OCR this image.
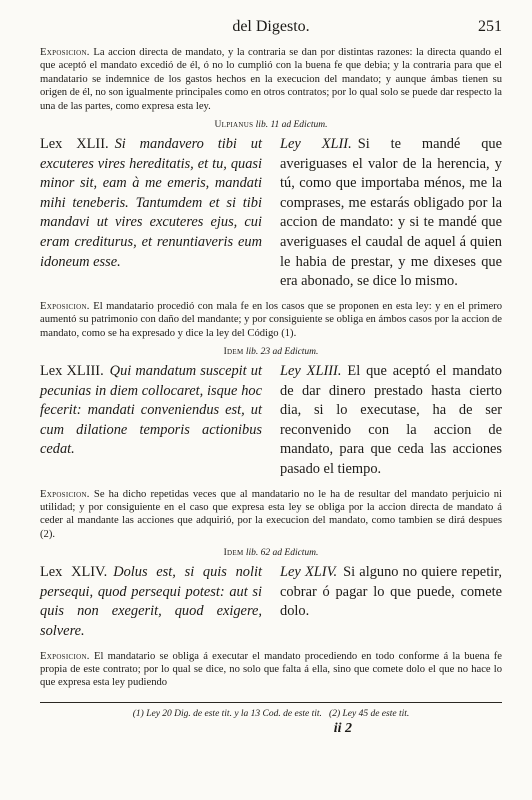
del Digesto.	251

Exposicion. La accion directa de mandato, y la contraria se dan por distintas razones: la directa quando el que aceptó el mandato excedió de él, ó no lo cumplió con la buena fe que debia; y la contraria para que el mandatario se indemnice de los gastos hechos en la execucion del mandato; y aunque ámbas tienen su origen de él, no son igualmente principales como en otros contratos; por lo qual solo se puede dar respecto la una de las partes, como expresa esta ley.

Ulpianus lib. 11 ad Edictum.
Lex XLII. Si mandavero tibi ut excuteres vires hereditatis, et tu, quasi minor sit, eam à me emeris, mandati mihi teneberis. Tantumdem et si tibi mandavi ut vires excuteres ejus, cui eram crediturus, et renuntiaveris eum idoneum esse.
Ley XLII. Si te mandé que averiguases el valor de la herencia, y tú, como que importaba ménos, me la comprases, me estarás obligado por la accion de mandato: y si te mandé que averiguases el caudal de aquel á quien le habia de prestar, y me dixeses que era abonado, se dice lo mismo.

Exposicion. El mandatario procedió con mala fe en los casos que se proponen en esta ley: y en el primero aumentó su patrimonio con daño del mandante; y por consiguiente se obliga en ámbos casos por la accion de mandato, como se ha expresado y dice la ley del Código (1).

Idem lib. 23 ad Edictum.
Lex XLIII. Qui mandatum suscepit ut pecunias in diem collocaret, isque hoc fecerit: mandati conveniendus est, ut cum dilatione temporis actionibus cedat.
Ley XLIII. El que aceptó el mandato de dar dinero prestado hasta cierto dia, si lo executase, ha de ser reconvenido con la accion de mandato, para que ceda las acciones pasado el tiempo.

Exposicion. Se ha dicho repetidas veces que al mandatario no le ha de resultar del mandato perjuicio ni utilidad; y por consiguiente en el caso que expresa esta ley se obliga por la accion directa de mandato á ceder al mandante las acciones que adquirió, por la execucion del mandato, como tambien se dirá despues (2).

Idem lib. 62 ad Edictum.
Lex XLIV. Dolus est, si quis nolit persequi, quod persequi potest: aut si quis non exegerit, quod exigere, solvere.
Ley XLIV. Si alguno no quiere repetir, cobrar ó pagar lo que puede, comete dolo.

Exposicion. El mandatario se obliga á executar el mandato procediendo en todo conforme á la buena fe propia de este contrato; por lo qual se dice, no solo que falta á ella, sino que comete dolo el que no hace lo que expresa esta ley pudiendo

(1) Ley 20 Dig. de este tit. y la 13 Cod. de este tit. (2) Ley 45 de este tit.
ii 2
